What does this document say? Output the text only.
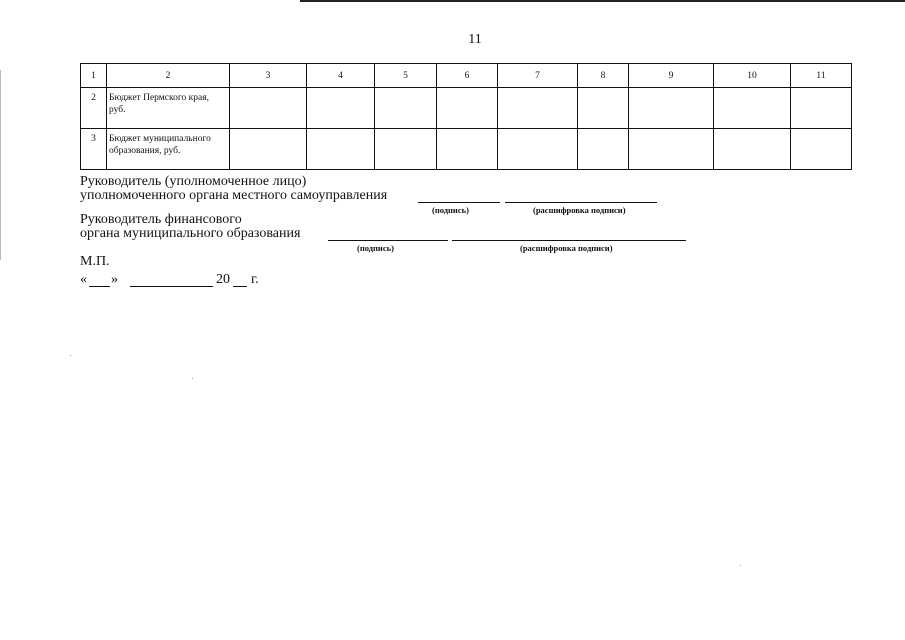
11
1	2	3	4	5	6	7	8	9	10	11
2	Бюджет Пермского края,
руб.									

3	Бюджет муниципального
образования, руб.									

Руководитель (уполномоченное лицо)
уполномоченного органа местного самоуправления
(подпись)	(расшифровка подписи)
Руководитель финансового
органа муниципального образования
(подпись)	(расшифровка подписи)
М.П.
« »	20 г.
